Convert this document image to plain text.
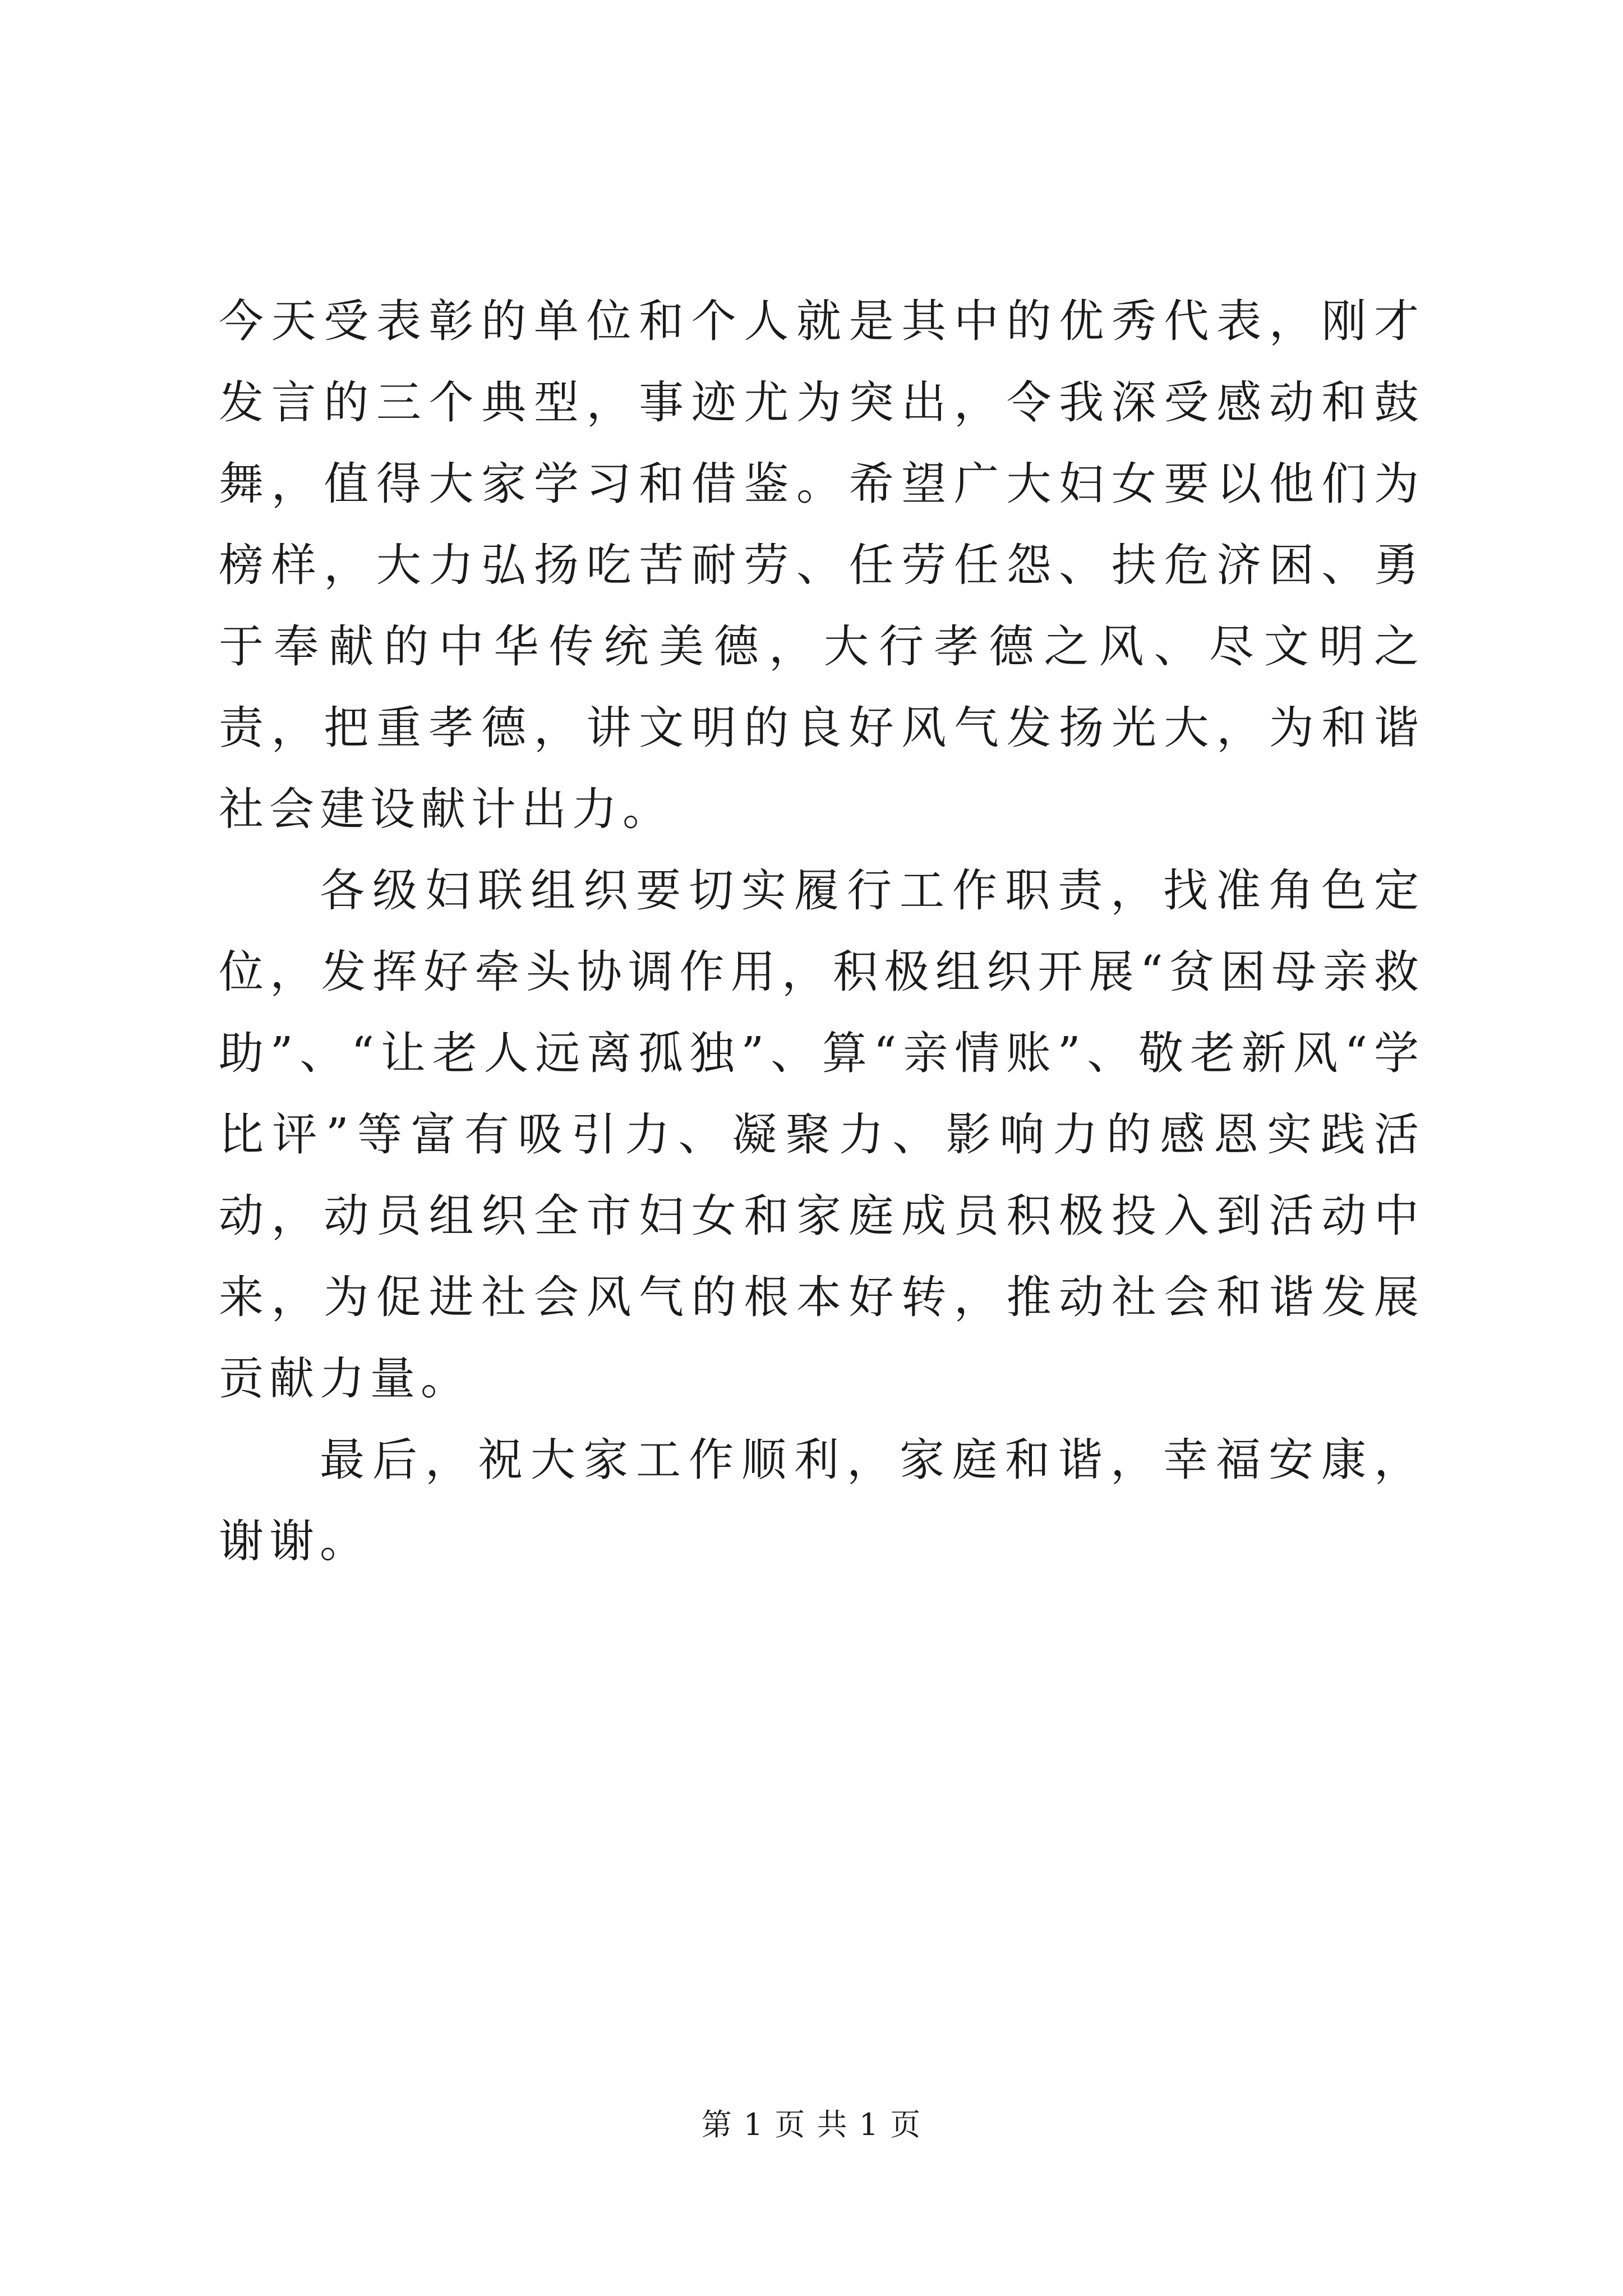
今天受表彰的单位和个人就是其中的优秀代表，刚才发言的三个典型，事迹尤为突出，令我深受感动和鼓舞，值得大家学习和借鉴。希望广大妇女要以他们为榜样，大力弘扬吃苦耐劳、任劳任怨、扶危济困、勇于奉献的中华传统美德，大行孝德之风、尽文明之责，把重孝德，讲文明的良好风气发扬光大，为和谐社会建设献计出力。

各级妇联组织要切实履行工作职责，找准角色定位，发挥好牵头协调作用，积极组织开展“贫困母亲救助”、“让老人远离孤独”、算“亲情账”、敬老新风“学比评”等富有吸引力、凝聚力、影响力的感恩实践活动，动员组织全市妇女和家庭成员积极投入到活动中来，为促进社会风气的根本好转，推动社会和谐发展贡献力量。

最后，祝大家工作顺利，家庭和谐，幸福安康，谢谢。

第 1 页 共 1 页
